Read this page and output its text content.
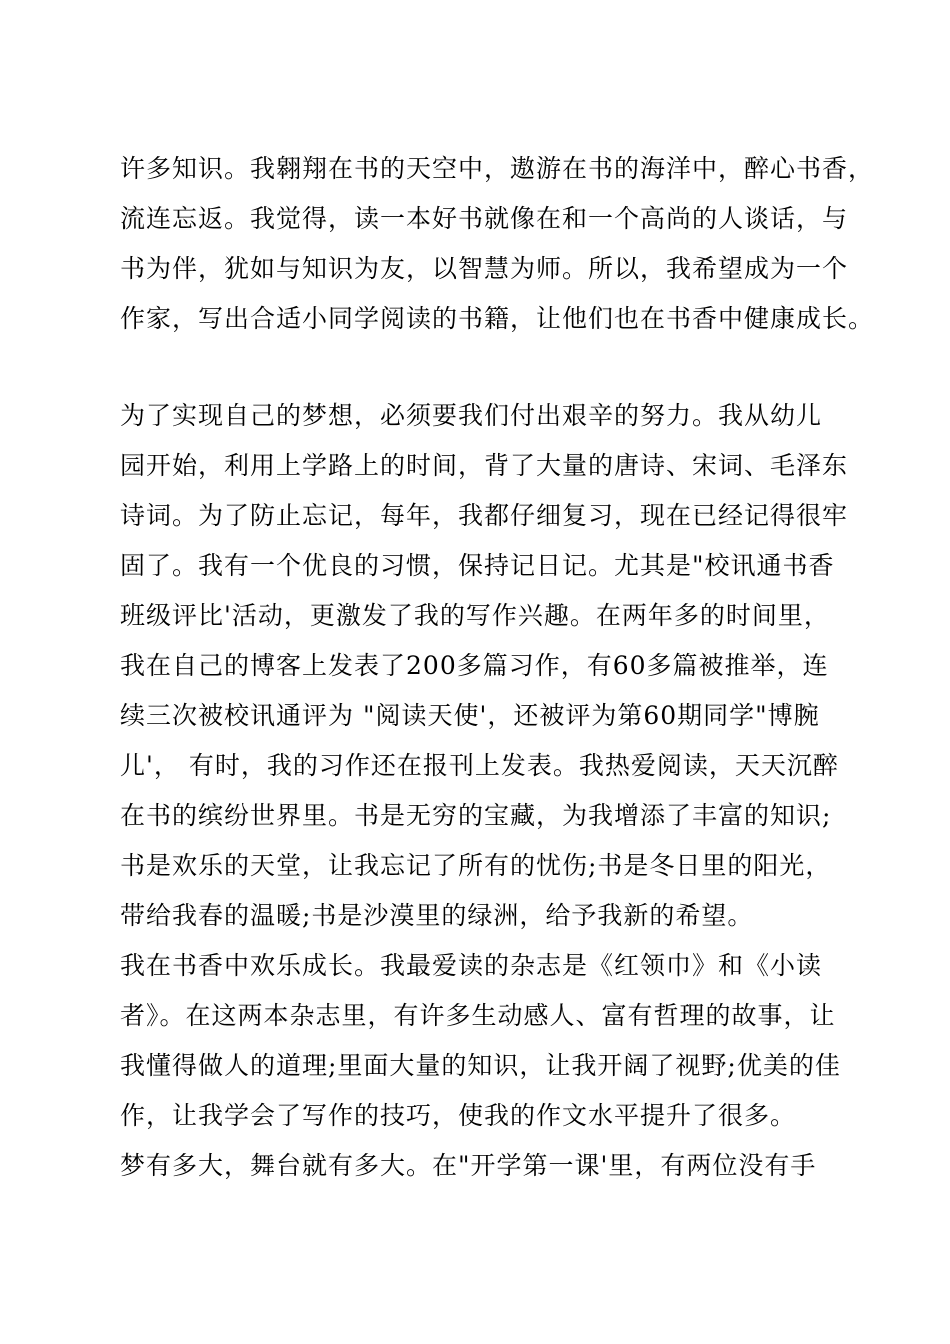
许多知识。我翱翔在书的天空中，遨游在书的海洋中，醉心书香，
流连忘返。我觉得，读一本好书就像在和一个高尚的人谈话，与
书为伴，犹如与知识为友，以智慧为师。所以，我希望成为一个
作家，写出合适小同学阅读的书籍，让他们也在书香中健康成长。
为了实现自己的梦想，必须要我们付出艰辛的努力。我从幼儿
园开始，利用上学路上的时间，背了大量的唐诗、宋词、毛泽东
诗词。为了防止忘记，每年，我都仔细复习，现在已经记得很牢
固了。我有一个优良的习惯，保持记日记。尤其是"校讯通书香
班级评比'活动，更激发了我的写作兴趣。在两年多的时间里，
我在自己的博客上发表了200多篇习作，有60多篇被推举，连
续三次被校讯通评为 "阅读天使'，还被评为第60期同学"博腕
儿'， 有时，我的习作还在报刊上发表。我热爱阅读，天天沉醉
在书的缤纷世界里。书是无穷的宝藏，为我增添了丰富的知识;
书是欢乐的天堂，让我忘记了所有的忧伤;书是冬日里的阳光，
带给我春的温暖;书是沙漠里的绿洲，给予我新的希望。
我在书香中欢乐成长。我最爱读的杂志是《红领巾》和《小读
者》。在这两本杂志里，有许多生动感人、富有哲理的故事，让
我懂得做人的道理;里面大量的知识，让我开阔了视野;优美的佳
作，让我学会了写作的技巧，使我的作文水平提升了很多。
梦有多大，舞台就有多大。在"开学第一课'里，有两位没有手
